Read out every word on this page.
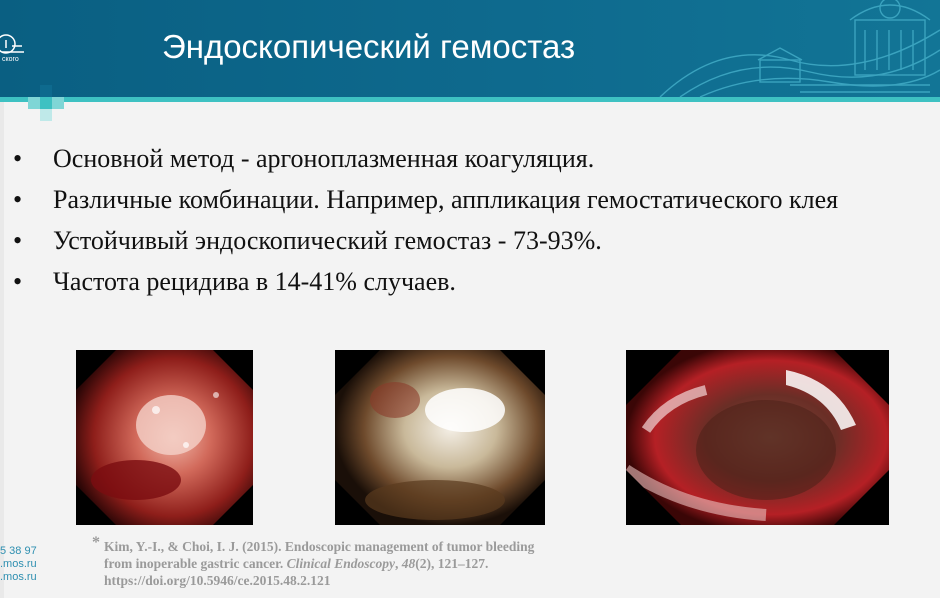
ского	Эндоскопический гемостаз
• Основной метод - аргоноплазменная коагуляция.
• Различные комбинации. Например, аппликация гемостатического клея
• Устойчивый эндоскопический гемостаз - 73-93%.
• Частота рецидива в 14-41% случаев.
* Kim, Y.-I., & Choi, I. J. (2015). Endoscopic management of tumor bleeding from inoperable gastric cancer. Clinical Endoscopy, 48(2), 121–127. https://doi.org/10.5946/ce.2015.48.2.121
5 38 97
.mos.ru
.mos.ru
